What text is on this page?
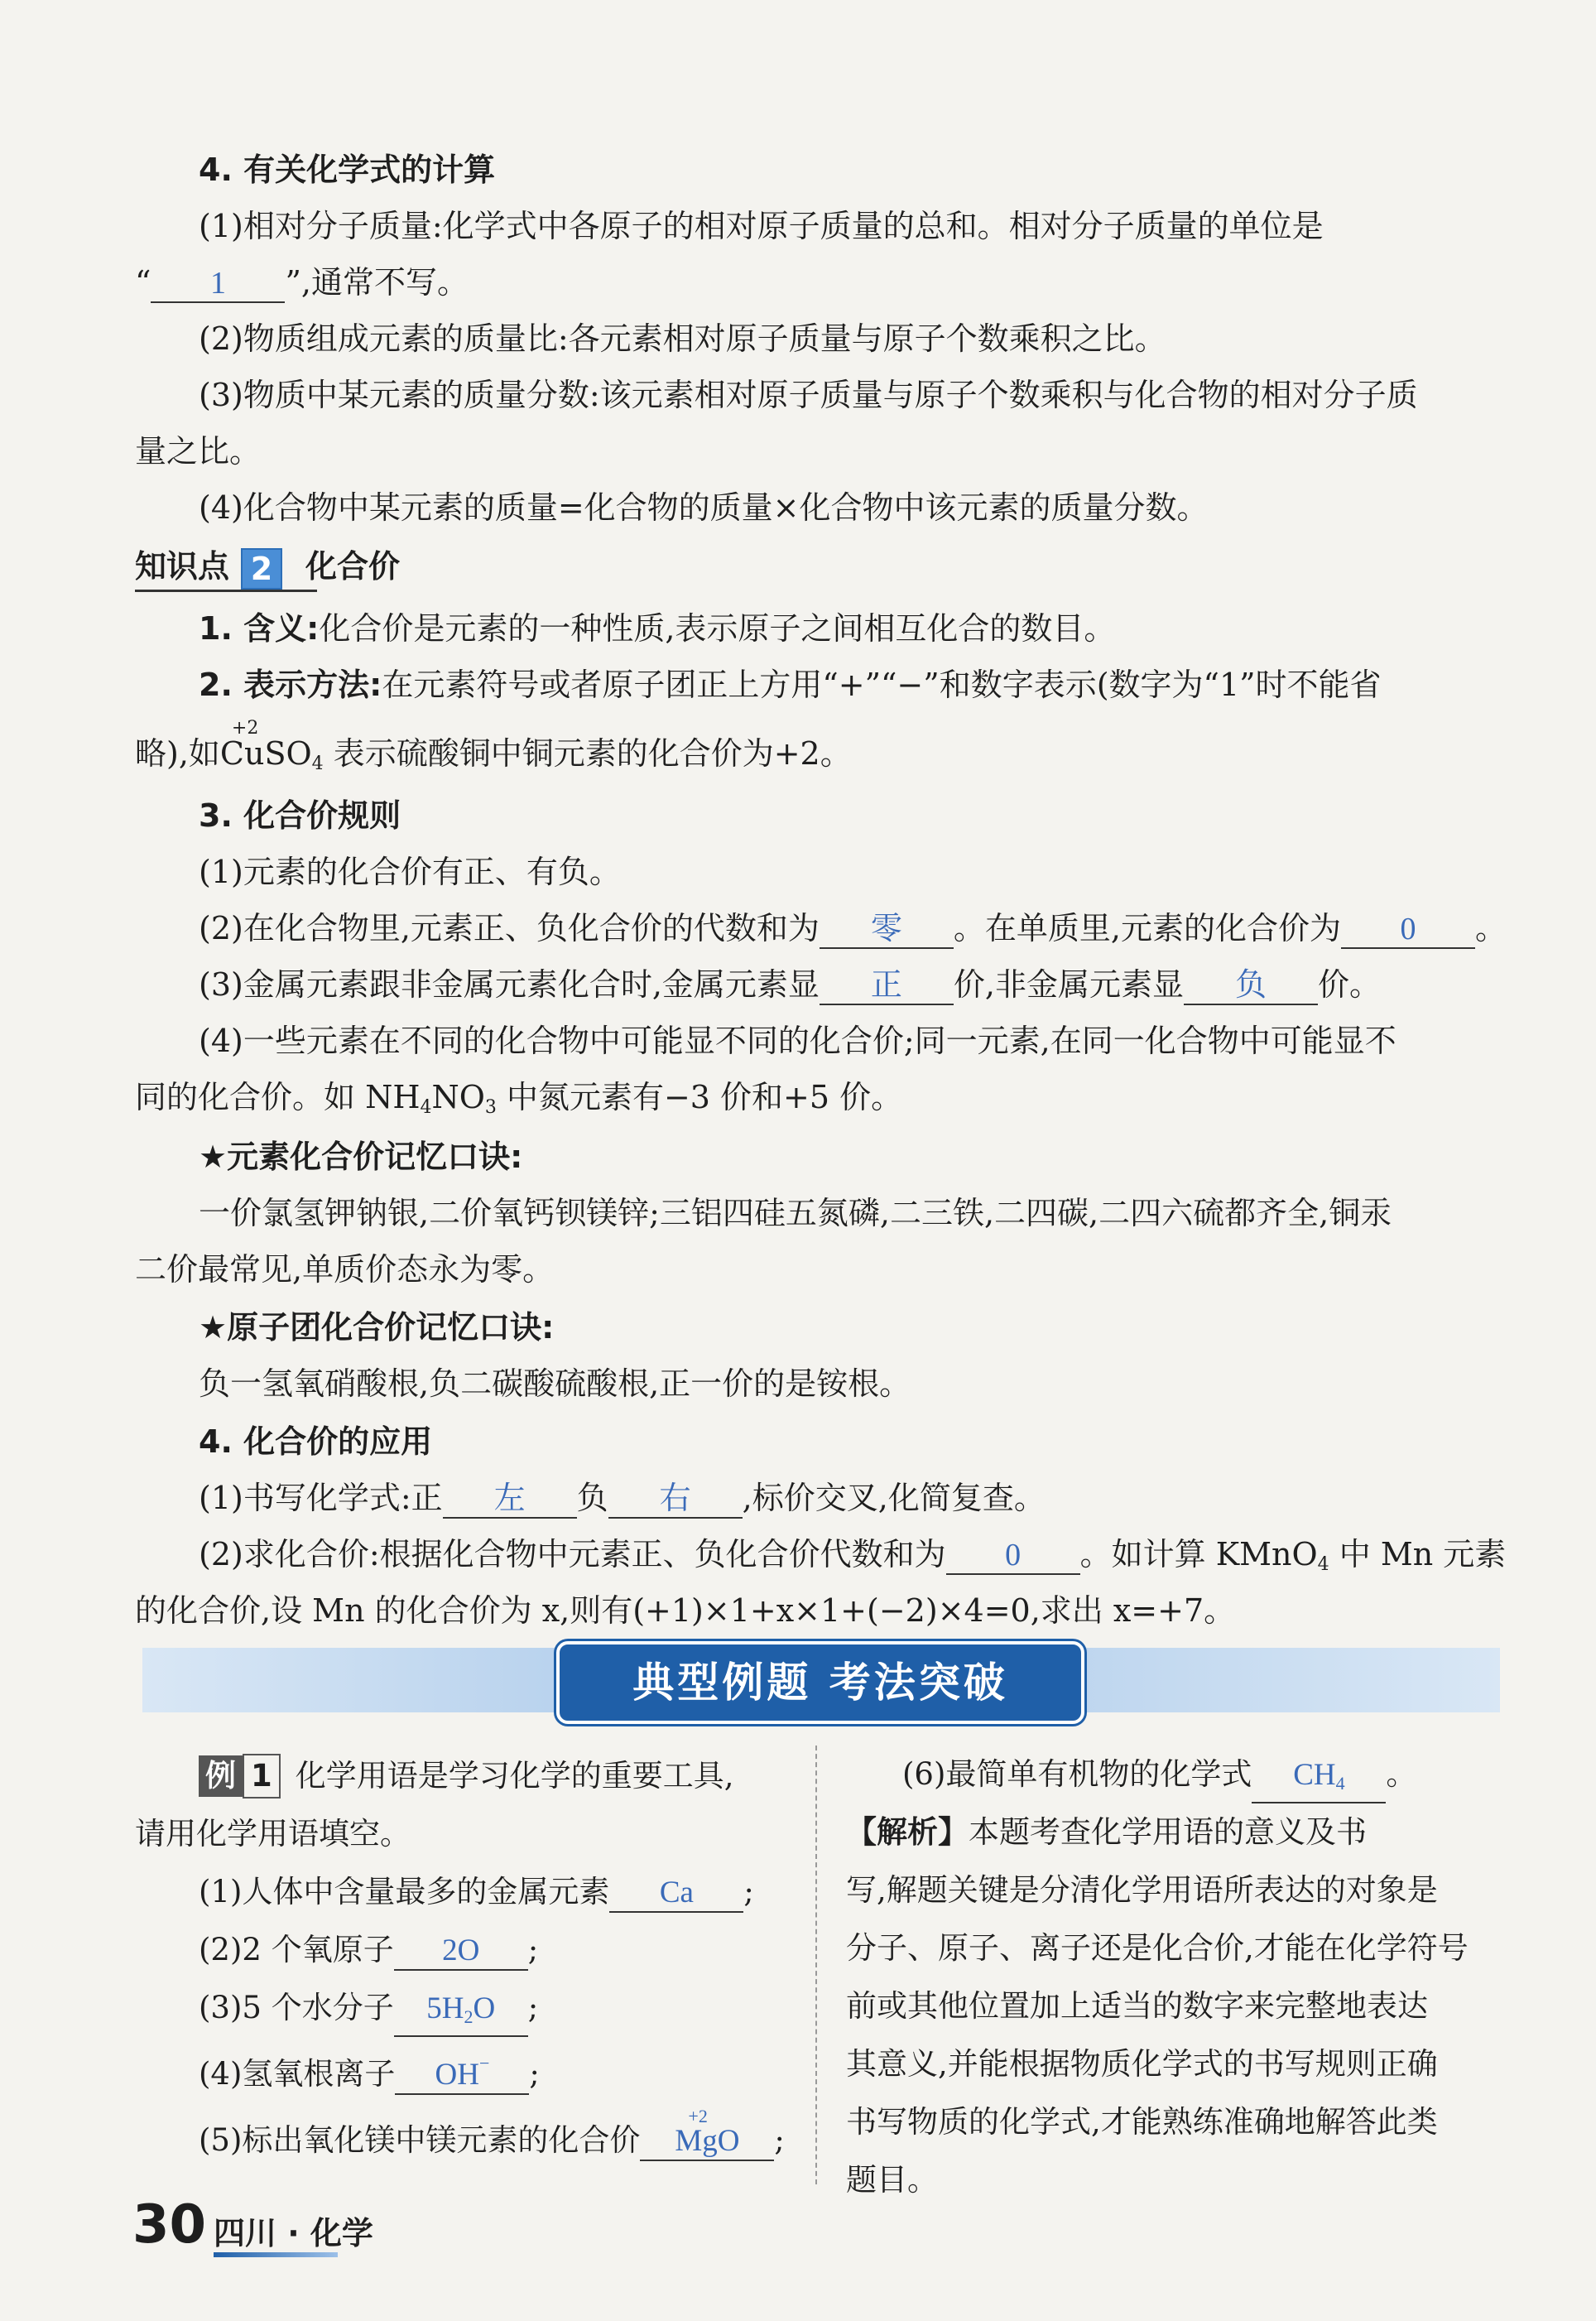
4. 有关化学式的计算
(1)相对分子质量:化学式中各原子的相对原子质量的总和。相对分子质量的单位是
“ 1 ”,通常不写。
(2)物质组成元素的质量比:各元素相对原子质量与原子个数乘积之比。
(3)物质中某元素的质量分数:该元素相对原子质量与原子个数乘积与化合物的相对分子质
量之比。
(4)化合物中某元素的质量=化合物的质量×化合物中该元素的质量分数。
知识点 2 化合价
1. 含义:化合价是元素的一种性质,表示原子之间相互化合的数目。
2. 表示方法:在元素符号或者原子团正上方用“+”“−”和数字表示(数字为“1”时不能省
略),如
+2
CuSO$_4$ 表示硫酸铜中铜元素的化合价为+2。
3. 化合价规则
(1)元素的化合价有正、有负。
(2)在化合物里,元素正、负化合价的代数和为 零 。在单质里,元素的化合价为 0 。
(3)金属元素跟非金属元素化合时,金属元素显 正 价,非金属元素显 负 价。
(4)一些元素在不同的化合物中可能显不同的化合价;同一元素,在同一化合物中可能显不
同的化合价。如 $NH_4NO_3$ 中氮元素有−3 价和+5 价。
★元素化合价记忆口诀:
一价氯氢钾钠银,二价氧钙钡镁锌;三铝四硅五氮磷,二三铁,二四碳,二四六硫都齐全,铜汞
二价最常见,单质价态永为零。
★原子团化合价记忆口诀:
负一氢氧硝酸根,负二碳酸硫酸根,正一价的是铵根。
4. 化合价的应用
(1)书写化学式:正 左 负 右 ,标价交叉,化简复查。
(2)求化合价:根据化合物中元素正、负化合价代数和为 0 。如计算 KMnO$_4$ 中 Mn 元素
的化合价,设 Mn 的化合价为 x,则有(+1)×1+x×1+(−2)×4=0,求出 x=+7。
典型例题 考法突破
例 1 化学用语是学习化学的重要工具,
请用化学用语填空。
(1)人体中含量最多的金属元素 Ca ;
(2)2 个氧原子 2O ;
(3)5 个水分子 $5H_2O$ ;
(4)氢氧根离子 OH− ;
(5)标出氧化镁中镁元素的化合价
+2
MgO ;
(6)最简单有机物的化学式 $CH_4$ 。
【解析】本题考查化学用语的意义及书
写,解题关键是分清化学用语所表达的对象是
分子、原子、离子还是化合价,才能在化学符号
前或其他位置加上适当的数字来完整地表达
其意义,并能根据物质化学式的书写规则正确
书写物质的化学式,才能熟练准确地解答此类
题目。
30 四川 · 化学
